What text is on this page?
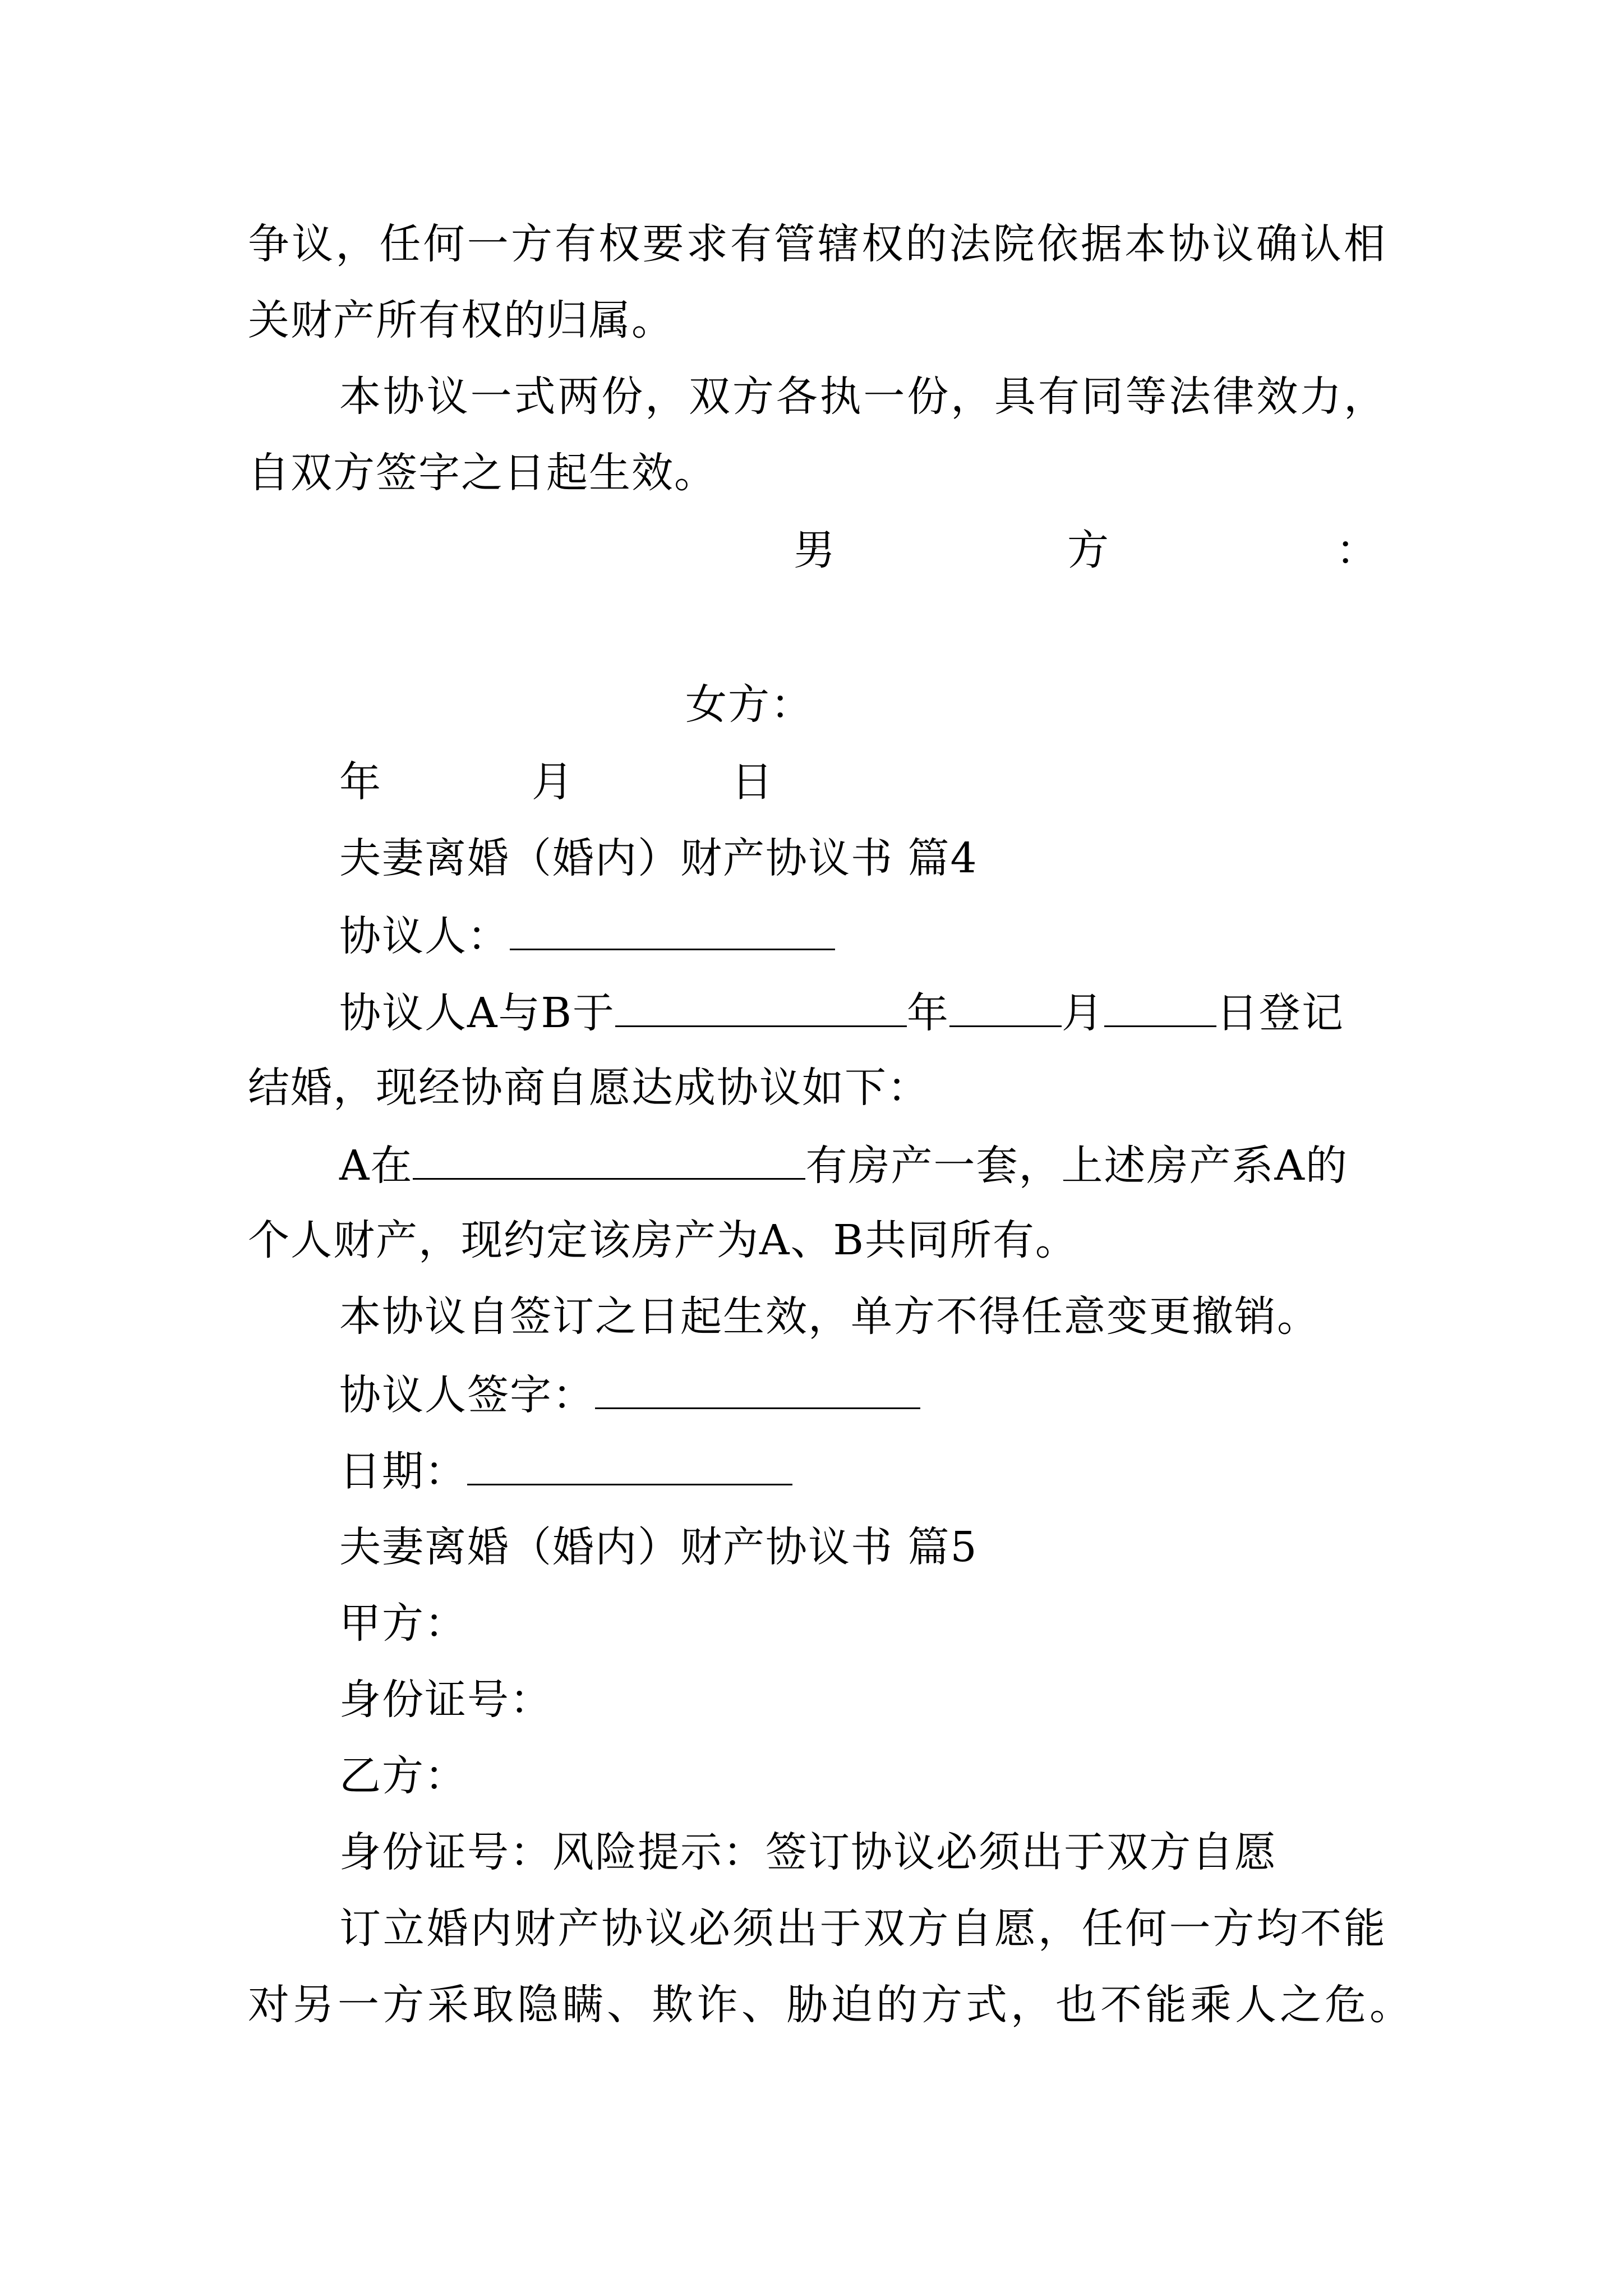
争议，任何一方有权要求有管辖权的法院依据本协议确认相
关财产所有权的归属。
本协议一式两份，双方各执一份，具有同等法律效力，
自双方签字之日起生效。
男	方	：
女方：
年	月	日
夫妻离婚（婚内）财产协议书 篇4
协议人：
协议人A与B于	年	月	日登记
结婚，现经协商自愿达成协议如下：
A在	有房产一套，上述房产系A的
个人财产，现约定该房产为A、B共同所有。
本协议自签订之日起生效，单方不得任意变更撤销。
协议人签字：
日期：
夫妻离婚（婚内）财产协议书 篇5
甲方：
身份证号：
乙方：
身份证号：风险提示：签订协议必须出于双方自愿
订立婚内财产协议必须出于双方自愿，任何一方均不能
对另一方采取隐瞒、欺诈、胁迫的方式，也不能乘人之危。
